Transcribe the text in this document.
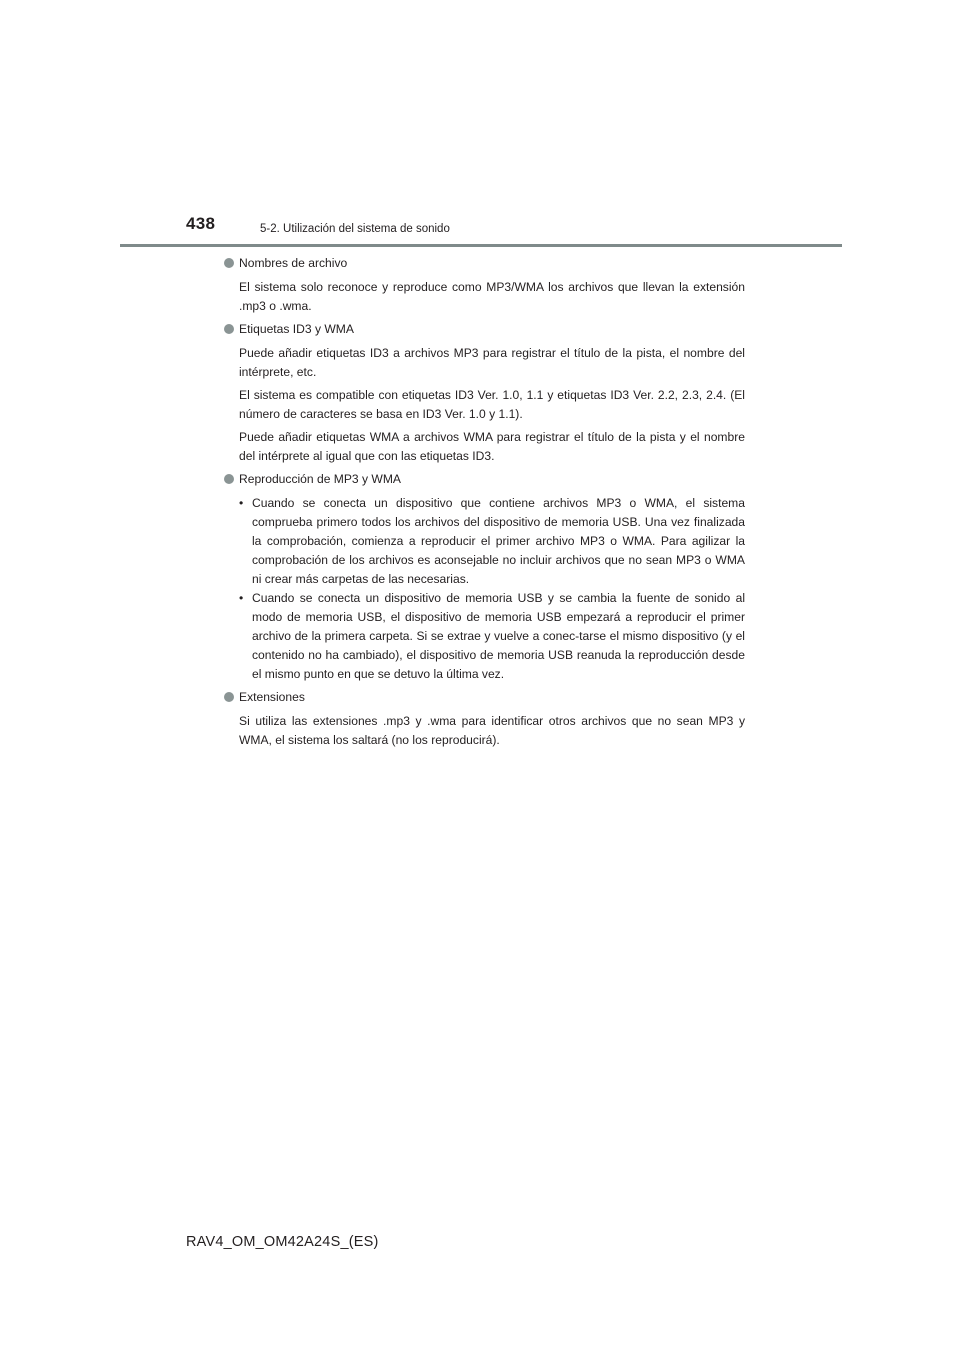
438	5-2. Utilización del sistema de sonido
Nombres de archivo

El sistema solo reconoce y reproduce como MP3/WMA los archivos que llevan la extensión .mp3 o .wma.

Etiquetas ID3 y WMA

Puede añadir etiquetas ID3 a archivos MP3 para registrar el título de la pista, el nombre del intérprete, etc.

El sistema es compatible con etiquetas ID3 Ver. 1.0, 1.1 y etiquetas ID3 Ver. 2.2, 2.3, 2.4. (El número de caracteres se basa en ID3 Ver. 1.0 y 1.1).

Puede añadir etiquetas WMA a archivos WMA para registrar el título de la pista y el nombre del intérprete al igual que con las etiquetas ID3.

Reproducción de MP3 y WMA
• Cuando se conecta un dispositivo que contiene archivos MP3 o WMA, el sistema comprueba primero todos los archivos del dispositivo de memoria USB. Una vez finalizada la comprobación, comienza a reproducir el primer archivo MP3 o WMA. Para agilizar la comprobación de los archivos es aconsejable no incluir archivos que no sean MP3 o WMA ni crear más carpetas de las necesarias.
• Cuando se conecta un dispositivo de memoria USB y se cambia la fuente de sonido al modo de memoria USB, el dispositivo de memoria USB empezará a reproducir el primer archivo de la primera carpeta. Si se extrae y vuelve a conec-tarse el mismo dispositivo (y el contenido no ha cambiado), el dispositivo de memoria USB reanuda la reproducción desde el mismo punto en que se detuvo la última vez.
Extensiones

Si utiliza las extensiones .mp3 y .wma para identificar otros archivos que no sean MP3 y WMA, el sistema los saltará (no los reproducirá).

RAV4_OM_OM42A24S_(ES)
